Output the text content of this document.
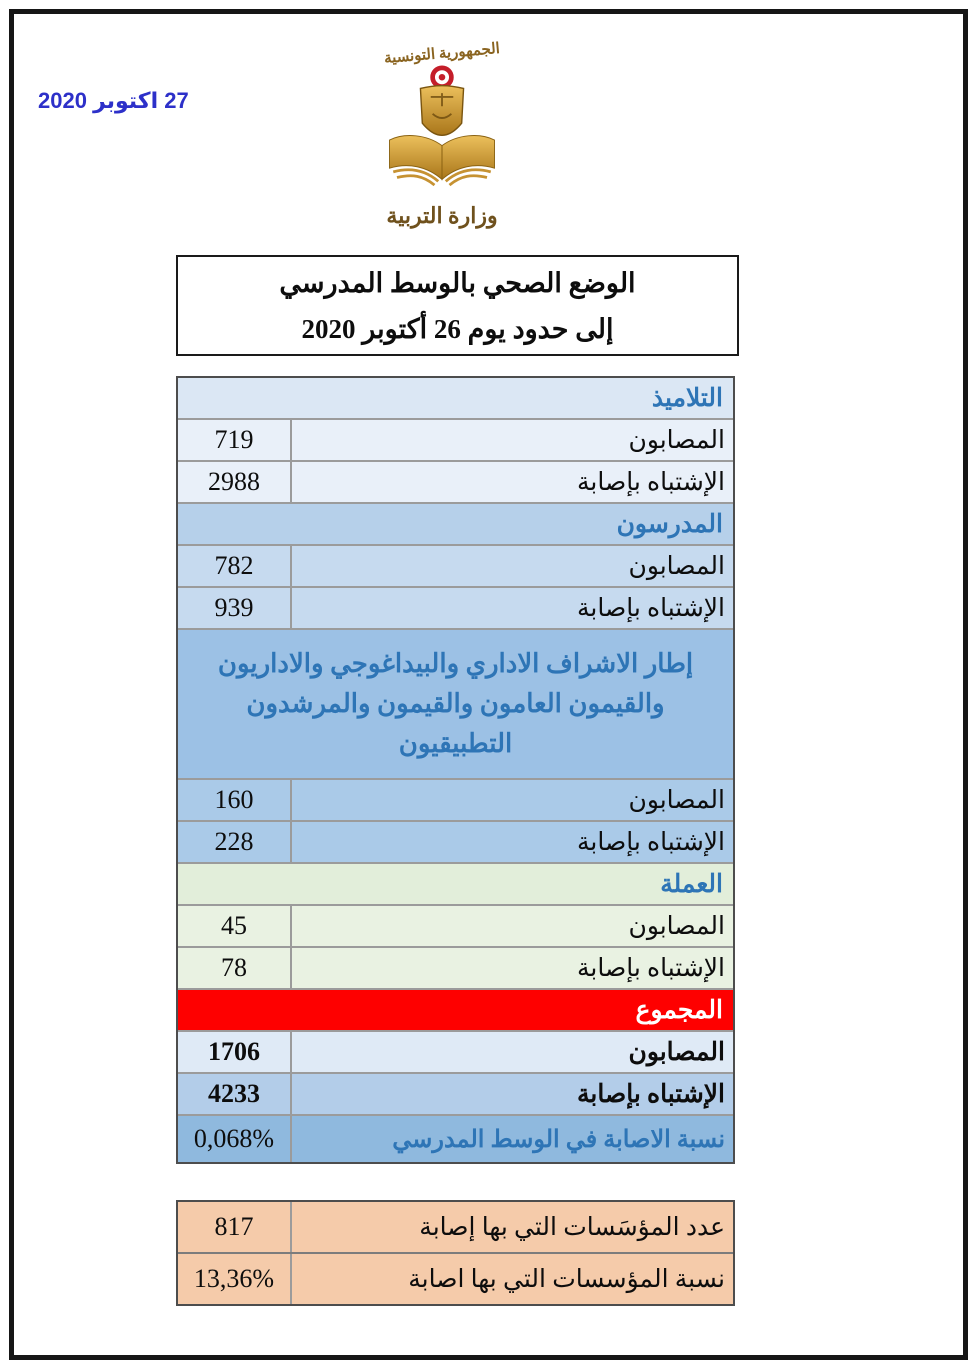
27 اكتوبر 2020
الجمهورية التونسية
وزارة التربية
الوضع الصحي بالوسط المدرسي
إلى حدود يوم 26 أكتوبر 2020
التلاميذ
المصابون
719
الإشتباه بإصابة
2988
المدرسون
المصابون
782
الإشتباه بإصابة
939
إطار الاشراف الاداري والبيداغوجي والاداريون والقيمون العامون والقيمون والمرشدون التطبيقيون
المصابون
160
الإشتباه بإصابة
228
العملة
المصابون
45
الإشتباه بإصابة
78
المجموع
المصابون
1706
الإشتباه بإصابة
4233
نسبة الاصابة في الوسط المدرسي
0,068%
عدد المؤسَسات التي بها إصابة
817
نسبة المؤسسات التي بها اصابة
13,36%
